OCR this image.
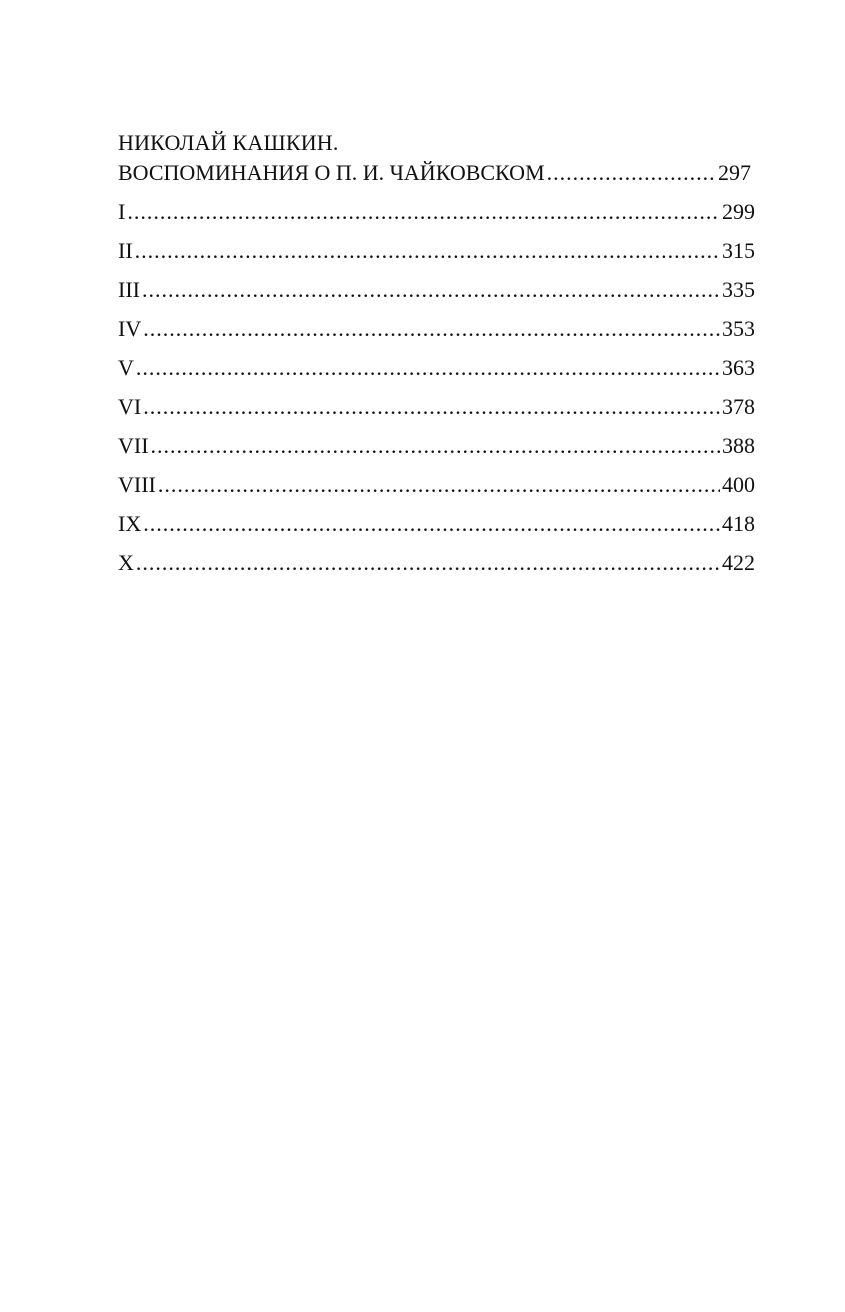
НИКОЛАЙ КАШКИН.
ВОСПОМИНАНИЯ О П. И. ЧАЙКОВСКОМ .....	297
I .....	299
II .....	315
III .....	335
IV .....	353
V .....	363
VI .....	378
VII .....	388
VIII .....	400
IX .....	418
X .....	422
